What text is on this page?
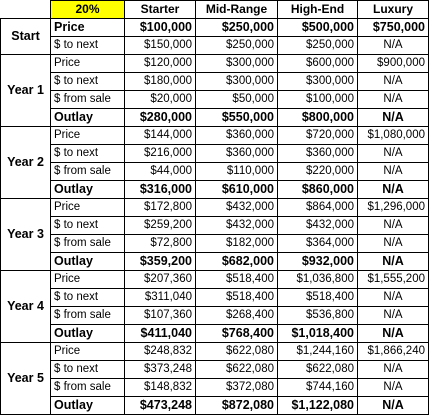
	20%	Starter	Mid-Range	High-End	Luxury
Start	Price	$100,000	$250,000	$500,000	$750,000
	$ to next	$150,000	$250,000	$250,000	N/A
Year 1	Price	$120,000	$300,000	$600,000	$900,000
	$ to next	$180,000	$300,000	$300,000	N/A
	$ from sale	$20,000	$50,000	$100,000	N/A
	Outlay	$280,000	$550,000	$800,000	N/A
Year 2	Price	$144,000	$360,000	$720,000	$1,080,000
	$ to next	$216,000	$360,000	$360,000	N/A
	$ from sale	$44,000	$110,000	$220,000	N/A
	Outlay	$316,000	$610,000	$860,000	N/A
Year 3	Price	$172,800	$432,000	$864,000	$1,296,000
	$ to next	$259,200	$432,000	$432,000	N/A
	$ from sale	$72,800	$182,000	$364,000	N/A
	Outlay	$359,200	$682,000	$932,000	N/A
Year 4	Price	$207,360	$518,400	$1,036,800	$1,555,200
	$ to next	$311,040	$518,400	$518,400	N/A
	$ from sale	$107,360	$268,400	$536,800	N/A
	Outlay	$411,040	$768,400	$1,018,400	N/A
Year 5	Price	$248,832	$622,080	$1,244,160	$1,866,240
	$ to next	$373,248	$622,080	$622,080	N/A
	$ from sale	$148,832	$372,080	$744,160	N/A
	Outlay	$473,248	$872,080	$1,122,080	N/A
